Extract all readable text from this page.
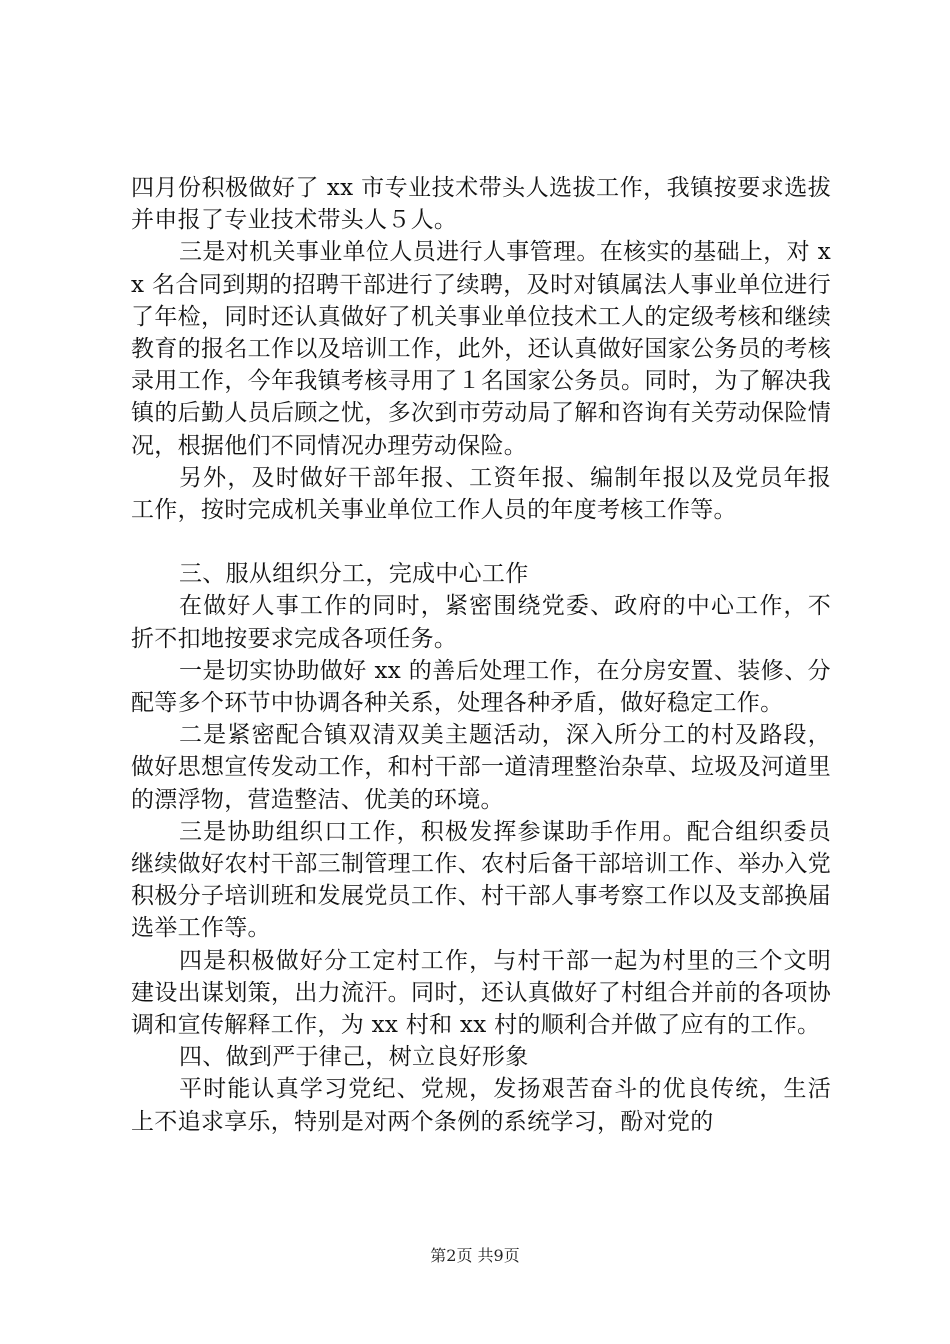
四月份积极做好了 xx 市专业技术带头人选拔工作，我镇按要求选拔并申报了专业技术带头人５人。

三是对机关事业单位人员进行人事管理。在核实的基础上，对 xx 名合同到期的招聘干部进行了续聘，及时对镇属法人事业单位进行了年检，同时还认真做好了机关事业单位技术工人的定级考核和继续教育的报名工作以及培训工作，此外，还认真做好国家公务员的考核录用工作，今年我镇考核寻用了１名国家公务员。同时，为了解决我镇的后勤人员后顾之忧，多次到市劳动局了解和咨询有关劳动保险情况，根据他们不同情况办理劳动保险。

另外，及时做好干部年报、工资年报、编制年报以及党员年报工作，按时完成机关事业单位工作人员的年度考核工作等。

三、服从组织分工，完成中心工作

在做好人事工作的同时，紧密围绕党委、政府的中心工作，不折不扣地按要求完成各项任务。

一是切实协助做好 xx 的善后处理工作，在分房安置、装修、分配等多个环节中协调各种关系，处理各种矛盾，做好稳定工作。

二是紧密配合镇双清双美主题活动，深入所分工的村及路段，做好思想宣传发动工作，和村干部一道清理整治杂草、垃圾及河道里的漂浮物，营造整洁、优美的环境。

三是协助组织口工作，积极发挥参谋助手作用。配合组织委员继续做好农村干部三制管理工作、农村后备干部培训工作、举办入党积极分子培训班和发展党员工作、村干部人事考察工作以及支部换届选举工作等。

四是积极做好分工定村工作，与村干部一起为村里的三个文明建设出谋划策，出力流汗。同时，还认真做好了村组合并前的各项协调和宣传解释工作，为 xx 村和 xx 村的顺利合并做了应有的工作。

四、做到严于律己，树立良好形象

平时能认真学习党纪、党规，发扬艰苦奋斗的优良传统，生活上不追求享乐，特别是对两个条例的系统学习，酚对党的

第2页 共9页
